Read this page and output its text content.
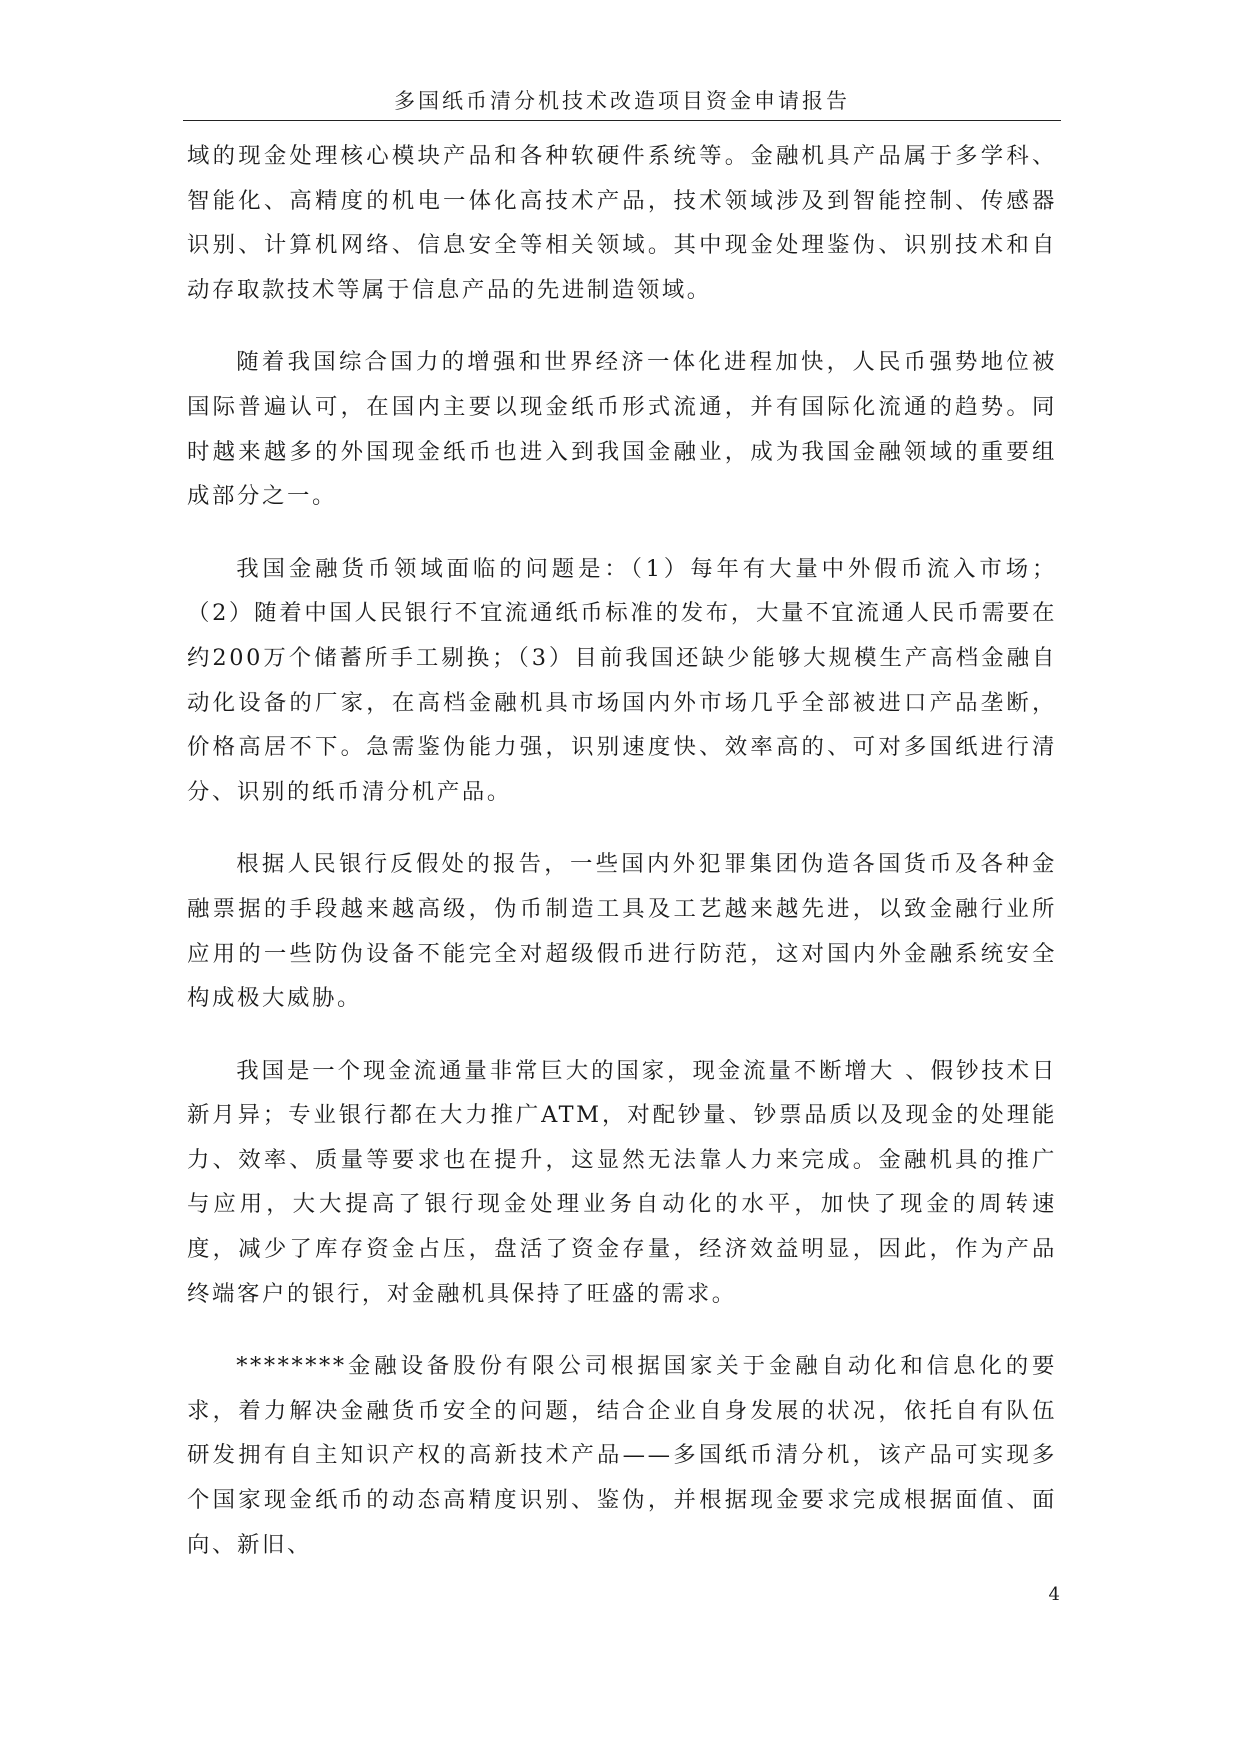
多国纸币清分机技术改造项目资金申请报告

域的现金处理核心模块产品和各种软硬件系统等。金融机具产品属于多学科、智能化、高精度的机电一体化高技术产品，技术领域涉及到智能控制、传感器识别、计算机网络、信息安全等相关领域。其中现金处理鉴伪、识别技术和自动存取款技术等属于信息产品的先进制造领域。

随着我国综合国力的增强和世界经济一体化进程加快，人民币强势地位被国际普遍认可，在国内主要以现金纸币形式流通，并有国际化流通的趋势。同时越来越多的外国现金纸币也进入到我国金融业，成为我国金融领域的重要组成部分之一。

我国金融货币领域面临的问题是：（1）每年有大量中外假币流入市场；（2）随着中国人民银行不宜流通纸币标准的发布，大量不宜流通人民币需要在约200万个储蓄所手工剔换；（3）目前我国还缺少能够大规模生产高档金融自动化设备的厂家，在高档金融机具市场国内外市场几乎全部被进口产品垄断，价格高居不下。急需鉴伪能力强，识别速度快、效率高的、可对多国纸进行清分、识别的纸币清分机产品。

根据人民银行反假处的报告，一些国内外犯罪集团伪造各国货币及各种金融票据的手段越来越高级，伪币制造工具及工艺越来越先进，以致金融行业所应用的一些防伪设备不能完全对超级假币进行防范，这对国内外金融系统安全构成极大威胁。

我国是一个现金流通量非常巨大的国家，现金流量不断增大 、假钞技术日新月异；专业银行都在大力推广ATM，对配钞量、钞票品质以及现金的处理能力、效率、质量等要求也在提升，这显然无法靠人力来完成。金融机具的推广与应用，大大提高了银行现金处理业务自动化的水平，加快了现金的周转速度，减少了库存资金占压，盘活了资金存量，经济效益明显，因此，作为产品终端客户的银行，对金融机具保持了旺盛的需求。

********金融设备股份有限公司根据国家关于金融自动化和信息化的要求，着力解决金融货币安全的问题，结合企业自身发展的状况，依托自有队伍研发拥有自主知识产权的高新技术产品——多国纸币清分机，该产品可实现多个国家现金纸币的动态高精度识别、鉴伪，并根据现金要求完成根据面值、面向、新旧、

4
